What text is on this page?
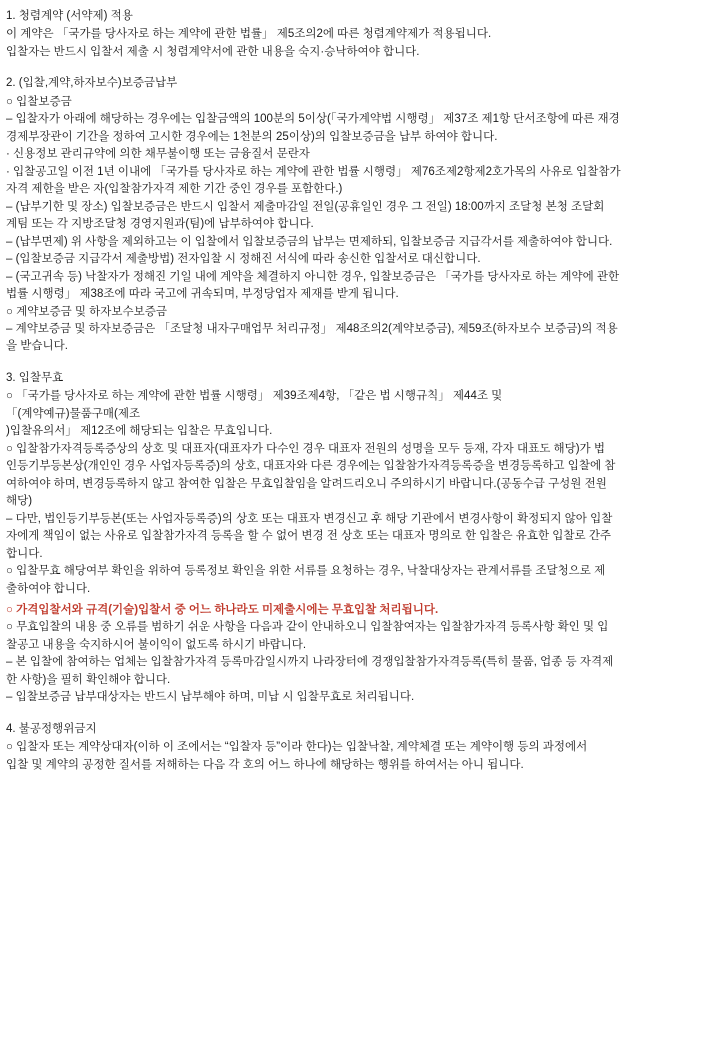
1. 청렴계약 (서약제) 적용
이 계약은 「국가를 당사자로 하는 계약에 관한 법률」 제5조의2에 따른 청렴계약제가 적용됩니다.
입찰자는 반드시 입찰서 제출 시 청렴계약서에 관한 내용을 숙지·승낙하여야 합니다.
2. (입찰,계약,하자보수)보증금납부
○ 입찰보증금
– 입찰자가 아래에 해당하는 경우에는 입찰금액의 100분의 5이상(「국가계약법 시행령」 제37조 제1항 단서조항에 따른 재경
경제부장관이 기간을 정하여 고시한 경우에는 1천분의 25이상)의 입찰보증금을 납부 하여야 합니다.
· 신용정보 관리규약에 의한 채무불이행 또는 금융질서 문란자
· 입찰공고일 이전 1년 이내에 「국가를 당사자로 하는 계약에 관한 법률 시행령」 제76조제2항제2호가목의 사유로 입찰참가
자격 제한을 받은 자(입찰참가자격 제한 기간 중인 경우를 포함한다.)
– (납부기한 및 장소) 입찰보증금은 반드시 입찰서 제출마감일 전일(공휴일인 경우 그 전일) 18:00까지 조달청 본청 조달회
계팀 또는 각 지방조달청 경영지원과(팀)에 납부하여야 합니다.
– (납부면제) 위 사항을 제외하고는 이 입찰에서 입찰보증금의 납부는 면제하되, 입찰보증금 지급각서를 제출하여야 합니다.
– (입찰보증금 지급각서 제출방법) 전자입찰 시 정해진 서식에 따라 송신한 입찰서로 대신합니다.
– (국고귀속 등) 낙찰자가 정해진 기일 내에 계약을 체결하지 아니한 경우, 입찰보증금은 「국가를 당사자로 하는 계약에 관한
법률 시행령」 제38조에 따라 국고에 귀속되며, 부정당업자 제재를 받게 됩니다.
○ 계약보증금 및 하자보수보증금
– 계약보증금 및 하자보증금은 「조달청 내자구매업무 처리규정」 제48조의2(계약보증금), 제59조(하자보수 보증금)의 적용
을 받습니다.
3. 입찰무효
○ 「국가를 당사자로 하는 계약에 관한 법률 시행령」 제39조제4항, 「같은 법 시행규칙」 제44조 및
「(계약예규)물품구매(제조
)입찰유의서」 제12조에 해당되는 입찰은 무효입니다.
○ 입찰참가자격등록증상의 상호 및 대표자(대표자가 다수인 경우 대표자 전원의 성명을 모두 등재, 각자 대표도 해당)가 법
인등기부등본상(개인인 경우 사업자등록증)의 상호, 대표자와 다른 경우에는 입찰참가자격등록증을 변경등록하고 입찰에 참
여하여야 하며, 변경등록하지 않고 참여한 입찰은 무효입찰임을 알려드리오니 주의하시기 바랍니다.(공동수급 구성원 전원
해당)
– 다만, 법인등기부등본(또는 사업자등록증)의 상호 또는 대표자 변경신고 후 해당 기관에서 변경사항이 확정되지 않아 입찰
자에게 책임이 없는 사유로 입찰참가자격 등록을 할 수 없어 변경 전 상호 또는 대표자 명의로 한 입찰은 유효한 입찰로 간주
합니다.
○ 입찰무효 해당여부 확인을 위하여 등록정보 확인을 위한 서류를 요청하는 경우, 낙찰대상자는 관계서류를 조달청으로 제
출하여야 합니다.
○ 가격입찰서와 규격(기술)입찰서 중 어느 하나라도 미제출시에는 무효입찰 처리됩니다.
○ 무효입찰의 내용 중 오류를 범하기 쉬운 사항을 다음과 같이 안내하오니 입찰참여자는 입찰참가자격 등록사항 확인 및 입
찰공고 내용을 숙지하시어 불이익이 없도록 하시기 바랍니다.
– 본 입찰에 참여하는 업체는 입찰참가자격 등록마감일시까지 나라장터에 경쟁입찰참가자격등록(특히 물품, 업종 등 자격제
한 사항)을 필히 확인해야 합니다.
– 입찰보증금 납부대상자는 반드시 납부해야 하며, 미납 시 입찰무효로 처리됩니다.
4. 불공정행위금지
○ 입찰자 또는 계약상대자(이하 이 조에서는 “입찰자 등”이라 한다)는 입찰낙찰, 계약체결 또는 계약이행 등의 과정에서
입찰 및 계약의 공정한 질서를 저해하는 다음 각 호의 어느 하나에 해당하는 행위를 하여서는 아니 됩니다.
